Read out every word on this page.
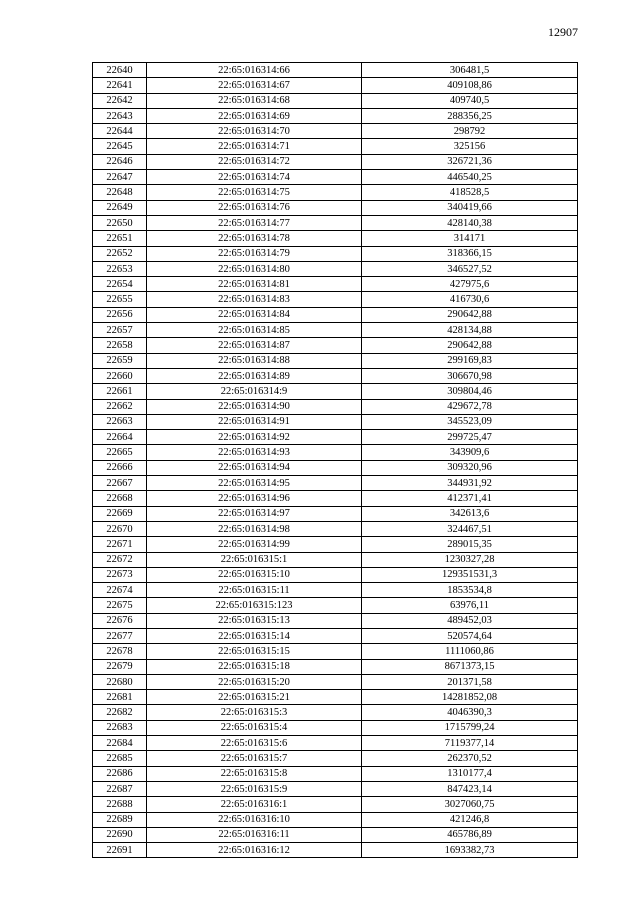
12907
22640	22:65:016314:66	306481,5
22641	22:65:016314:67	409108,86
22642	22:65:016314:68	409740,5
22643	22:65:016314:69	288356,25
22644	22:65:016314:70	298792
22645	22:65:016314:71	325156
22646	22:65:016314:72	326721,36
22647	22:65:016314:74	446540,25
22648	22:65:016314:75	418528,5
22649	22:65:016314:76	340419,66
22650	22:65:016314:77	428140,38
22651	22:65:016314:78	314171
22652	22:65:016314:79	318366,15
22653	22:65:016314:80	346527,52
22654	22:65:016314:81	427975,6
22655	22:65:016314:83	416730,6
22656	22:65:016314:84	290642,88
22657	22:65:016314:85	428134,88
22658	22:65:016314:87	290642,88
22659	22:65:016314:88	299169,83
22660	22:65:016314:89	306670,98
22661	22:65:016314:9	309804,46
22662	22:65:016314:90	429672,78
22663	22:65:016314:91	345523,09
22664	22:65:016314:92	299725,47
22665	22:65:016314:93	343909,6
22666	22:65:016314:94	309320,96
22667	22:65:016314:95	344931,92
22668	22:65:016314:96	412371,41
22669	22:65:016314:97	342613,6
22670	22:65:016314:98	324467,51
22671	22:65:016314:99	289015,35
22672	22:65:016315:1	1230327,28
22673	22:65:016315:10	129351531,3
22674	22:65:016315:11	1853534,8
22675	22:65:016315:123	63976,11
22676	22:65:016315:13	489452,03
22677	22:65:016315:14	520574,64
22678	22:65:016315:15	1111060,86
22679	22:65:016315:18	8671373,15
22680	22:65:016315:20	201371,58
22681	22:65:016315:21	14281852,08
22682	22:65:016315:3	4046390,3
22683	22:65:016315:4	1715799,24
22684	22:65:016315:6	7119377,14
22685	22:65:016315:7	262370,52
22686	22:65:016315:8	1310177,4
22687	22:65:016315:9	847423,14
22688	22:65:016316:1	3027060,75
22689	22:65:016316:10	421246,8
22690	22:65:016316:11	465786,89
22691	22:65:016316:12	1693382,73
